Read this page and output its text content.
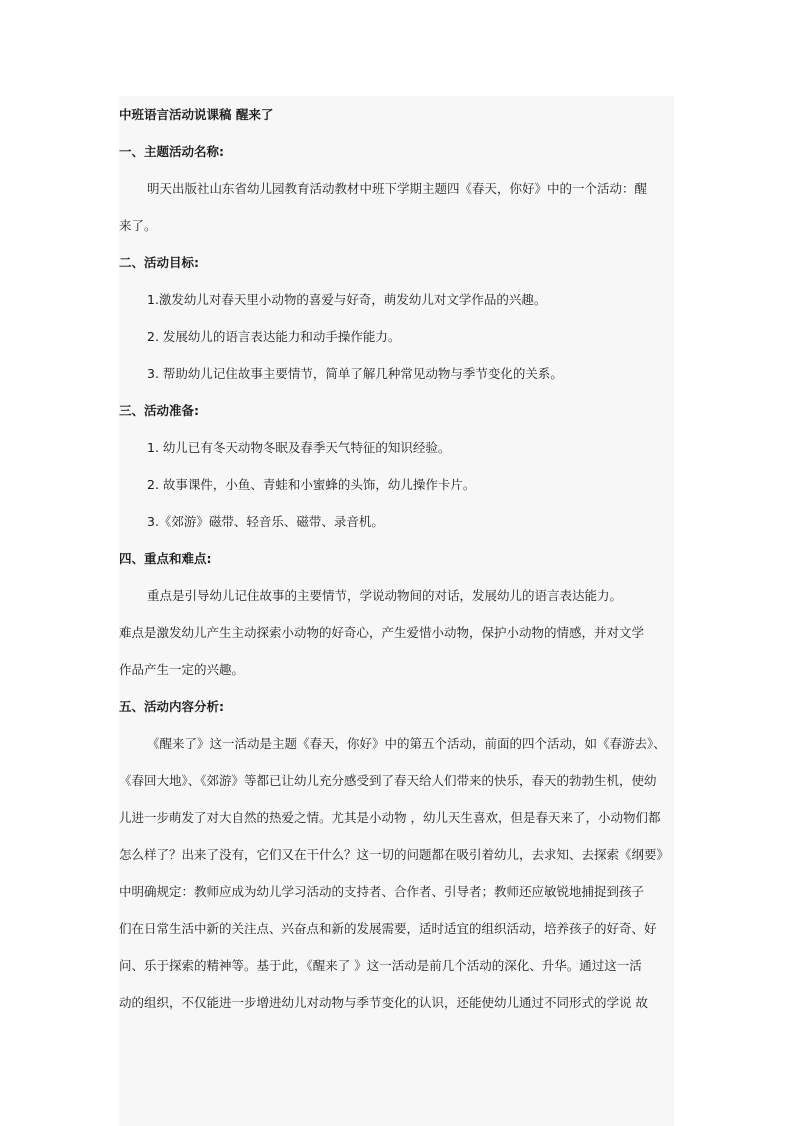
中班语言活动说课稿 醒来了
一、主题活动名称:
明天出版社山东省幼儿园教育活动教材中班下学期主题四《春天，你好》中的一个活动：醒
来了。
二、活动目标:
1.激发幼儿对春天里小动物的喜爱与好奇，萌发幼儿对文学作品的兴趣。
2. 发展幼儿的语言表达能力和动手操作能力。
3. 帮助幼儿记住故事主要情节，简单了解几种常见动物与季节变化的关系。
三、活动准备:
1. 幼儿已有冬天动物冬眠及春季天气特征的知识经验。
2. 故事课件，小鱼、青蛙和小蜜蜂的头饰，幼儿操作卡片。
3.《郊游》磁带、轻音乐、磁带、录音机。
四、重点和难点:
重点是引导幼儿记住故事的主要情节，学说动物间的对话，发展幼儿的语言表达能力。
难点是激发幼儿产生主动探索小动物的好奇心，产生爱惜小动物，保护小动物的情感，并对文学
作品产生一定的兴趣。
五、活动内容分析:
《醒来了》这一活动是主题《春天，你好》中的第五个活动，前面的四个活动，如《春游去》、
《春回大地》、《郊游》等都已让幼儿充分感受到了春天给人们带来的快乐，春天的勃勃生机，使幼
儿进一步萌发了对大自然的热爱之情。尤其是小动物 ，幼儿天生喜欢，但是春天来了，小动物们都
怎么样了？出来了没有，它们又在干什么？这一切的问题都在吸引着幼儿，去求知、去探索《纲要》
中明确规定：教师应成为幼儿学习活动的支持者、合作者、引导者；教师还应敏锐地捕捉到孩子
们在日常生活中新的关注点、兴奋点和新的发展需要，适时适宜的组织活动，培养孩子的好奇、好
问、乐于探索的精神等。基于此，《醒来了 》这一活动是前几个活动的深化、升华。通过这一活
动的组织，不仅能进一步增进幼儿对动物与季节变化的认识，还能使幼儿通过不同形式的学说 故
